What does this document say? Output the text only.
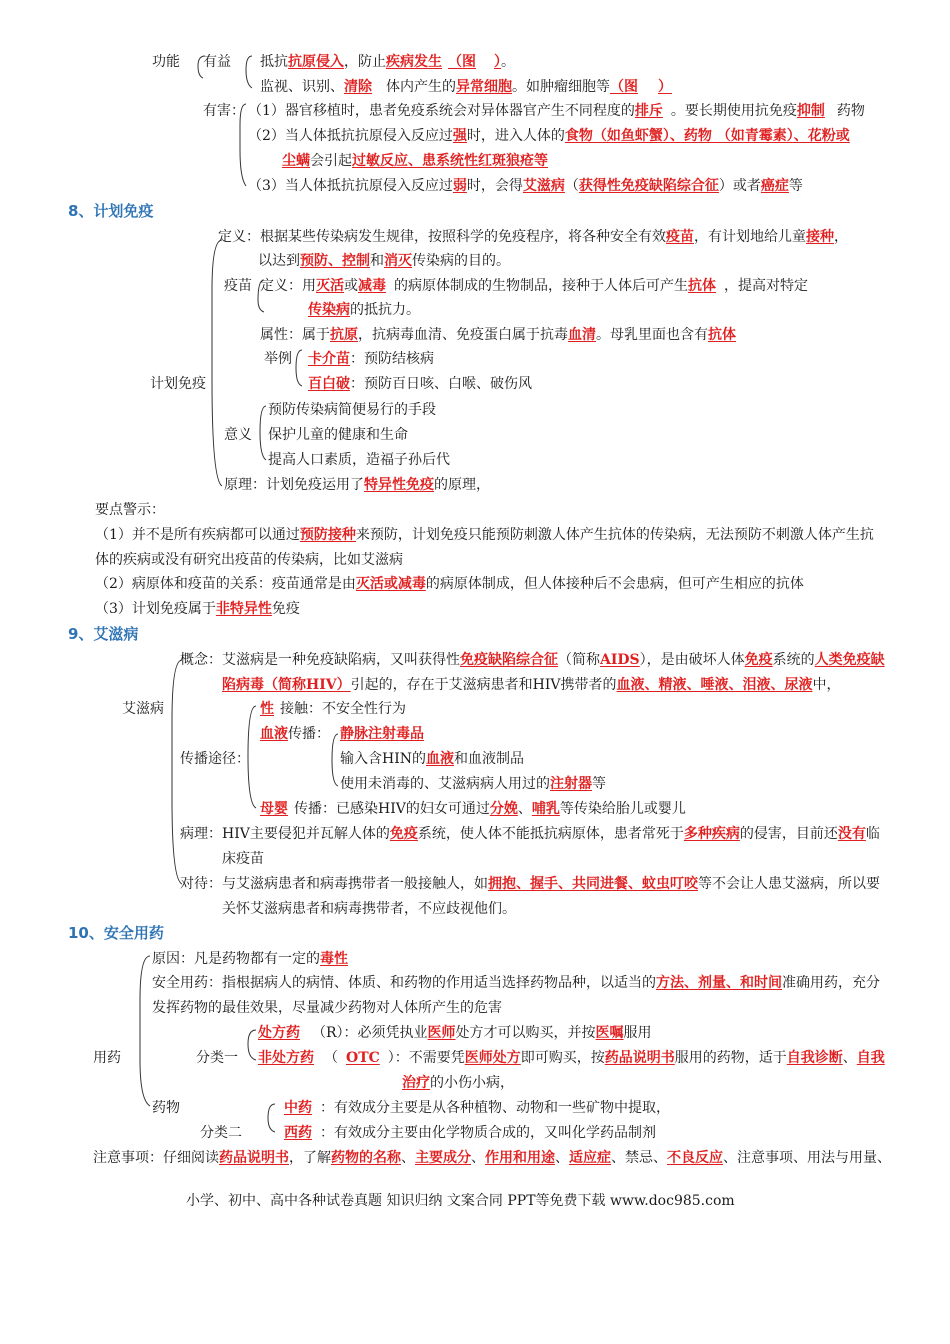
功能 有益 抵抗抗原侵入，防止疾病发生 （图 ）。
监视、识别、清除 体内产生的异常细胞。如肿瘤细胞等（图 ）
有害： （1）器官移植时，患者免疫系统会对异体器官产生不同程度的排斥 。要长期使用抗免疫抑制 药物
（2）当人体抵抗抗原侵入反应过强时，进入人体的食物（如鱼虾蟹）、药物 （如青霉素）、花粉或
尘螨会引起过敏反应、患系统性红斑狼疮等
（3）当人体抵抗抗原侵入反应过弱时，会得艾滋病（获得性免疫缺陷综合征）或者癌症等
8、计划免疫
定义：根据某些传染病发生规律，按照科学的免疫程序，将各种安全有效疫苗，有计划地给儿童接种，
以达到预防、控制和消灭传染病的目的。
疫苗 定义：用灭活或减毒 的病原体制成的生物制品，接种于人体后可产生抗体 ，提高对特定
传染病的抵抗力。
属性：属于抗原，抗病毒血清、免疫蛋白属于抗毒血清。母乳里面也含有抗体
举例 卡介苗：预防结核病
百白破：预防百日咳、白喉、破伤风
计划免疫
意义
预防传染病简便易行的手段
保护儿童的健康和生命
提高人口素质，造福子孙后代
原理：计划免疫运用了特异性免疫的原理，
要点警示：
（1）并不是所有疾病都可以通过预防接种来预防，计划免疫只能预防刺激人体产生抗体的传染病，无法预防不刺激人体产生抗
体的疾病或没有研究出疫苗的传染病，比如艾滋病
（2）病原体和疫苗的关系：疫苗通常是由灭活或减毒的病原体制成，但人体接种后不会患病，但可产生相应的抗体
（3）计划免疫属于非特异性免疫
9、艾滋病
概念：艾滋病是一种免疫缺陷病，又叫获得性免疫缺陷综合征（简称AIDS），是由破坏人体免疫系统的人类免疫缺
陷病毒（简称HIV）引起的，存在于艾滋病患者和HIV携带者的血液、精液、唾液、泪液、尿液中，
艾滋病	性 接触：不安全性行为
血液传播： 静脉注射毒品
传播途径：	输入含HIN的血液和血液制品
使用未消毒的、艾滋病病人用过的注射器等
母婴 传播：已感染HIV的妇女可通过分娩、哺乳等传染给胎儿或婴儿
病理：HIV主要侵犯并瓦解人体的免疫系统，使人体不能抵抗病原体，患者常死于多种疾病的侵害，目前还没有临
床疫苗
对待：与艾滋病患者和病毒携带者一般接触人，如拥抱、握手、共同进餐、蚊虫叮咬等不会让人患艾滋病，所以要
关怀艾滋病患者和病毒携带者，不应歧视他们。
10、安全用药
原因：凡是药物都有一定的毒性
安全用药：指根据病人的病情、体质、和药物的作用适当选择药物品种，以适当的方法、剂量、和时间准确用药，充分
发挥药物的最佳效果，尽量减少药物对人体所产生的危害
处方药 （R）：必须凭执业医师处方才可以购买，并按医嘱服用
分类一
用药	非处方药 （ OTC ）：不需要凭医师处方即可购买，按药品说明书服用的药物，适于自我诊断、自我
治疗的小伤小病，
药物	中药 ：有效成分主要是从各种植物、动物和一些矿物中提取，
分类二	西药 ：有效成分主要由化学物质合成的，又叫化学药品制剂
注意事项：仔细阅读药品说明书，了解药物的名称、主要成分、作用和用途、适应症、禁忌、不良反应、注意事项、用法与用量、
小学、初中、高中各种试卷真题 知识归纳 文案合同 PPT等免费下载 www.doc985.com
